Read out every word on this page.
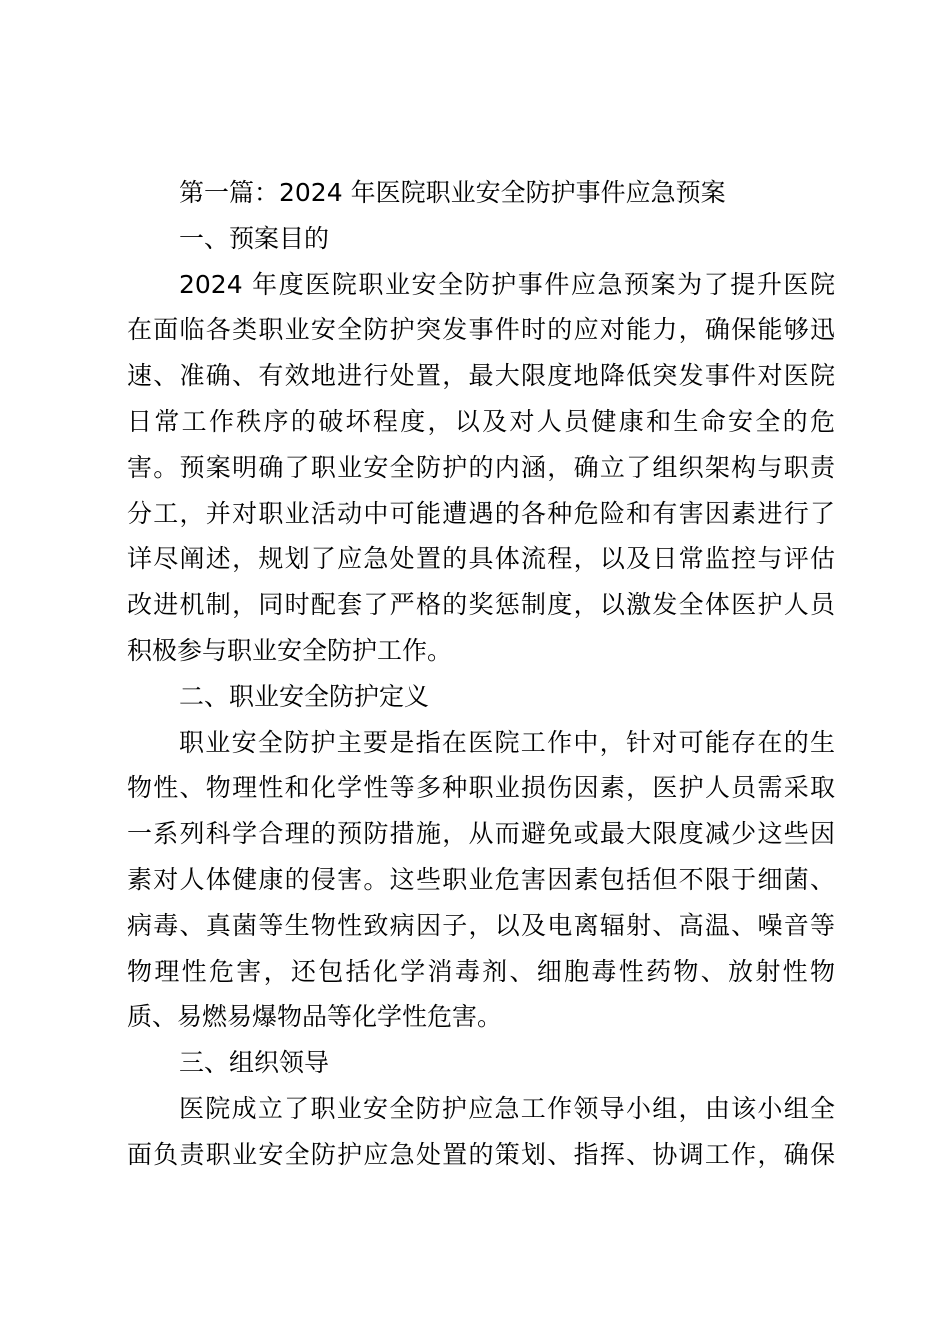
第一篇：2024 年医院职业安全防护事件应急预案
一、预案目的
2024 年度医院职业安全防护事件应急预案为了提升医院
在面临各类职业安全防护突发事件时的应对能力，确保能够迅
速、准确、有效地进行处置，最大限度地降低突发事件对医院
日常工作秩序的破坏程度，以及对人员健康和生命安全的危
害。预案明确了职业安全防护的内涵，确立了组织架构与职责
分工，并对职业活动中可能遭遇的各种危险和有害因素进行了
详尽阐述，规划了应急处置的具体流程，以及日常监控与评估
改进机制，同时配套了严格的奖惩制度，以激发全体医护人员
积极参与职业安全防护工作。
二、职业安全防护定义
职业安全防护主要是指在医院工作中，针对可能存在的生
物性、物理性和化学性等多种职业损伤因素，医护人员需采取
一系列科学合理的预防措施，从而避免或最大限度减少这些因
素对人体健康的侵害。这些职业危害因素包括但不限于细菌、
病毒、真菌等生物性致病因子，以及电离辐射、高温、噪音等
物理性危害，还包括化学消毒剂、细胞毒性药物、放射性物
质、易燃易爆物品等化学性危害。
三、组织领导
医院成立了职业安全防护应急工作领导小组，由该小组全
面负责职业安全防护应急处置的策划、指挥、协调工作，确保
